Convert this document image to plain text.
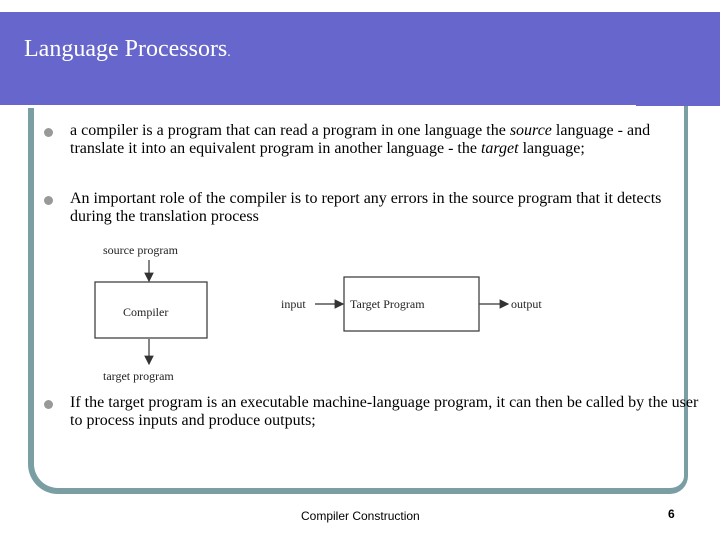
Language Processors.
a compiler is a program that can read a program in one language the source language - and translate it into an equivalent program in another language - the target language;
An important role of the compiler is to report any errors in the source program that it detects during the translation process
source program
Compiler
target program
input	Target Program	output
If the target program is an executable machine-language program, it can then be called by the user to process inputs and produce outputs;
Compiler Construction	6
